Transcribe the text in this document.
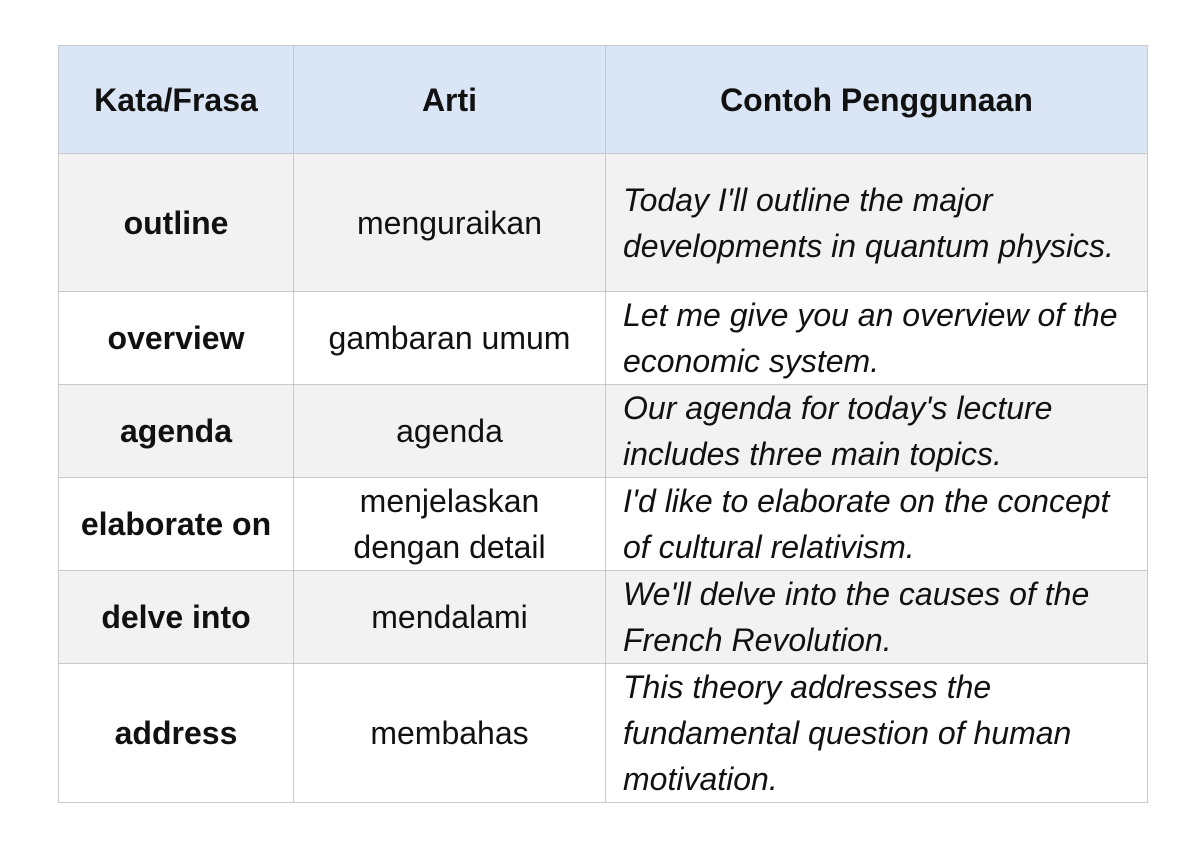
Kata/Frasa	Arti	Contoh Penggunaan
outline	menguraikan	Today I'll outline the major developments in quantum physics.
overview	gambaran umum	Let me give you an overview of the economic system.
agenda	agenda	Our agenda for today's lecture includes three main topics.
elaborate on	menjelaskan dengan detail	I'd like to elaborate on the concept of cultural relativism.
delve into	mendalami	We'll delve into the causes of the French Revolution.
address	membahas	This theory addresses the fundamental question of human motivation.
